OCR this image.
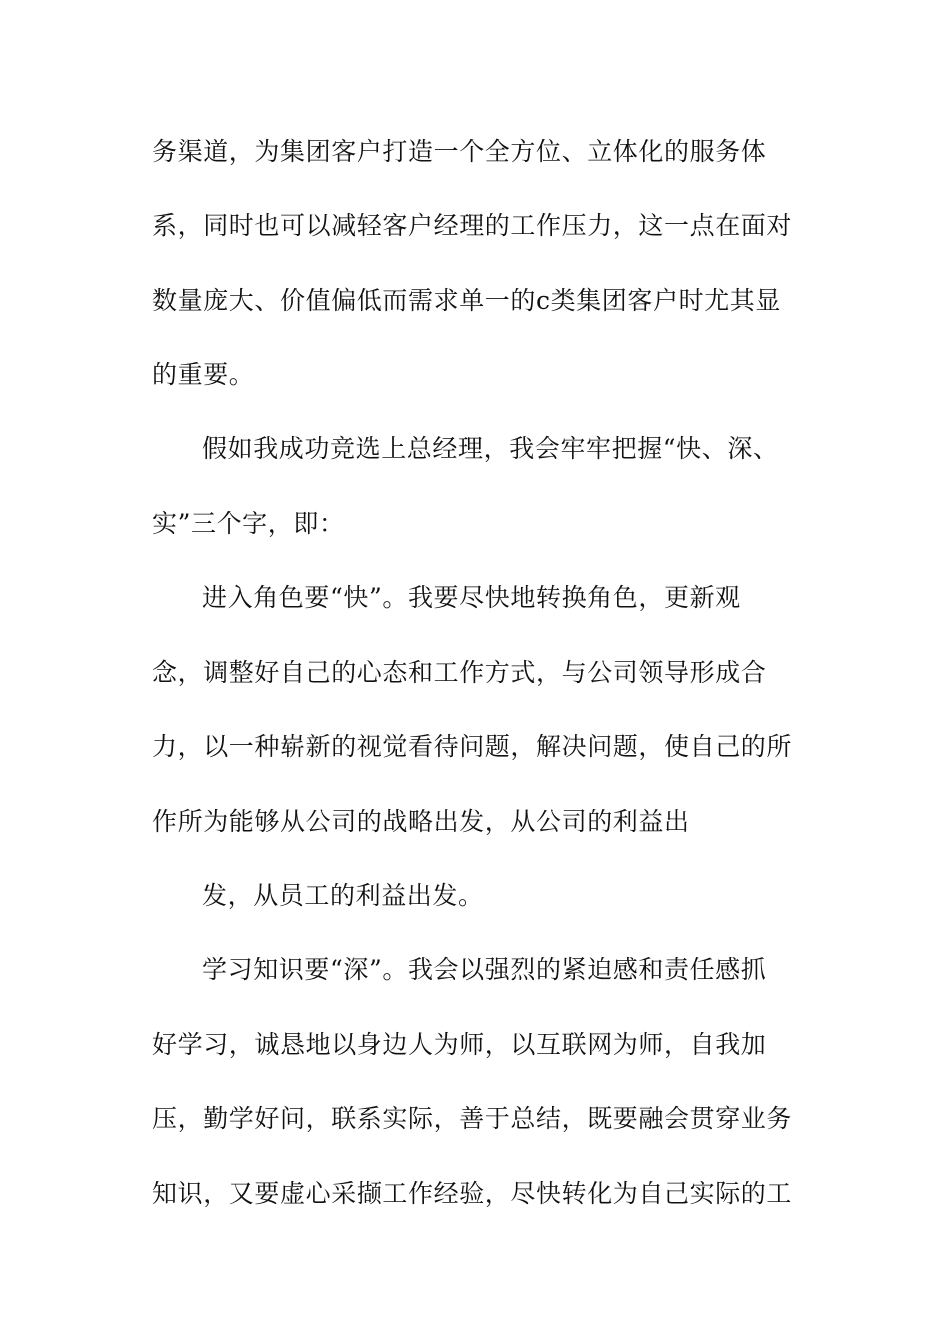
务渠道，为集团客户打造一个全方位、立体化的服务体
系，同时也可以减轻客户经理的工作压力，这一点在面对
数量庞大、价值偏低而需求单一的c类集团客户时尤其显
的重要。
假如我成功竞选上总经理，我会牢牢把握“快、深、
实”三个字，即：
进入角色要“快”。我要尽快地转换角色，更新观
念，调整好自己的心态和工作方式，与公司领导形成合
力，以一种崭新的视觉看待问题，解决问题，使自己的所
作所为能够从公司的战略出发，从公司的利益出
发，从员工的利益出发。
学习知识要“深”。我会以强烈的紧迫感和责任感抓
好学习，诚恳地以身边人为师，以互联网为师，自我加
压，勤学好问，联系实际，善于总结，既要融会贯穿业务
知识，又要虚心采撷工作经验，尽快转化为自己实际的工
